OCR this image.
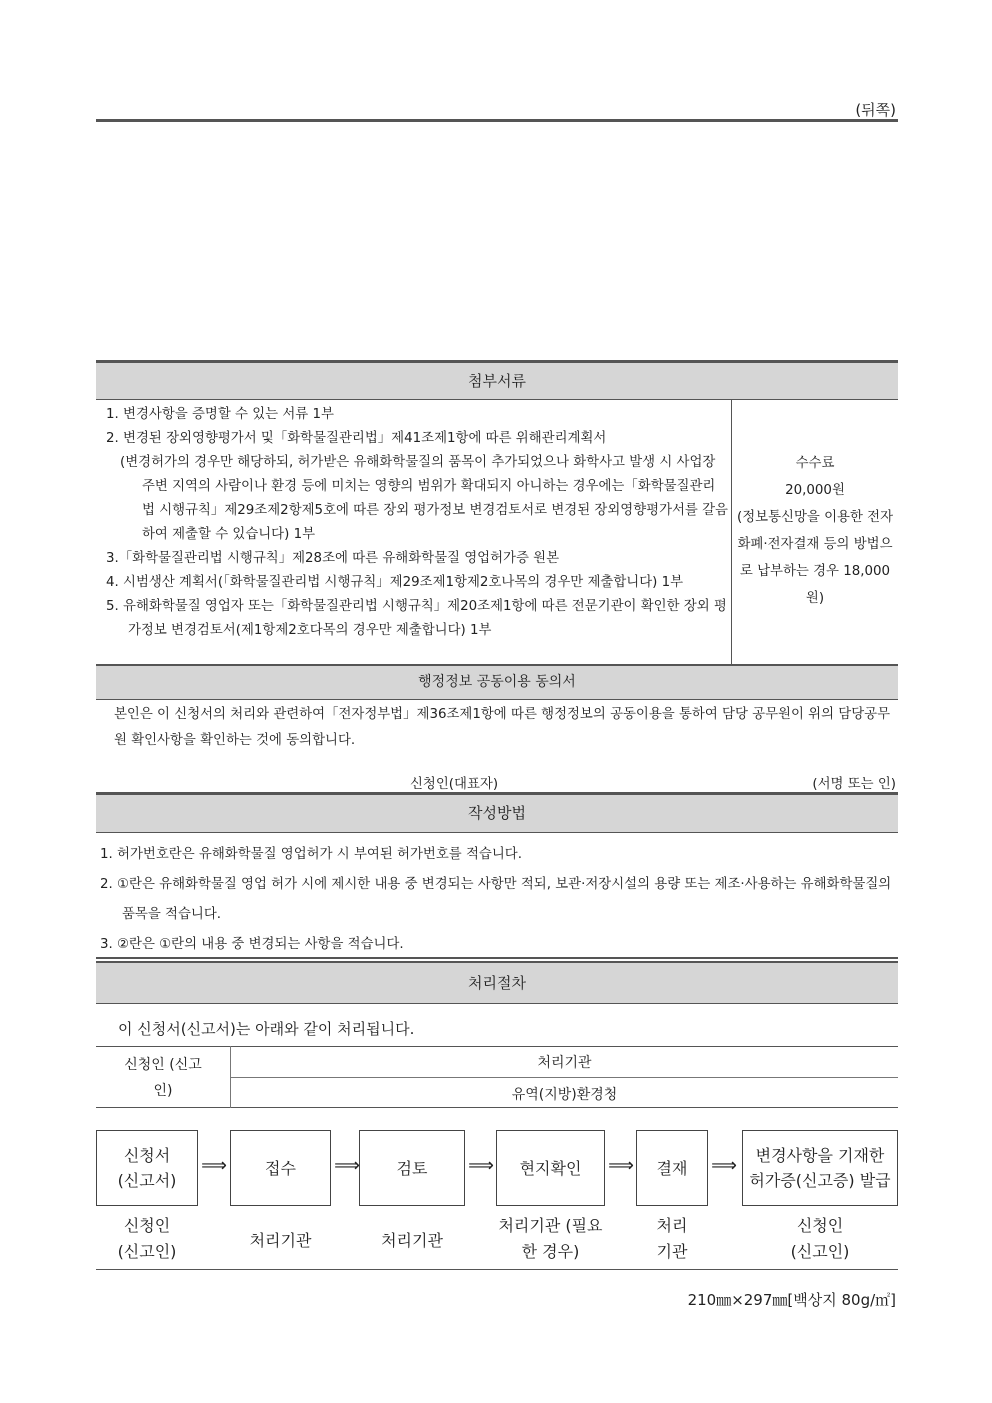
(뒤쪽)
첨부서류

1. 변경사항을 증명할 수 있는 서류 1부

2. 변경된 장외영향평가서 및「화학물질관리법」제41조제1항에 따른 위해관리계획서

(변경허가의 경우만 해당하되, 허가받은 유해화학물질의 품목이 추가되었으나 화학사고 발생 시 사업장 주변 지역의 사람이나 환경 등에 미치는 영향의 범위가 확대되지 아니하는 경우에는「화학물질관리법 시행규칙」제29조제2항제5호에 따른 장외 평가정보 변경검토서로 변경된 장외영향평가서를 갈음하여 제출할 수 있습니다) 1부

3.「화학물질관리법 시행규칙」제28조에 따른 유해화학물질 영업허가증 원본

4. 시범생산 계획서(「화학물질관리법 시행규칙」제29조제1항제2호나목의 경우만 제출합니다) 1부

5. 유해화학물질 영업자 또는「화학물질관리법 시행규칙」제20조제1항에 따른 전문기관이 확인한 장외 평가정보 변경검토서(제1항제2호다목의 경우만 제출합니다) 1부

수수료
20,000원
(정보통신망을 이용한 전자화폐·전자결재 등의 방법으로 납부하는 경우 18,000원)
행정정보 공동이용 동의서
본인은 이 신청서의 처리와 관련하여「전자정부법」제36조제1항에 따른 행정정보의 공동이용을 통하여 담당 공무원이 위의 담당공무원 확인사항을 확인하는 것에 동의합니다.
신청인(대표자)	(서명 또는 인)
작성방법

1. 허가번호란은 유해화학물질 영업허가 시 부여된 허가번호를 적습니다.

2. ①란은 유해화학물질 영업 허가 시에 제시한 내용 중 변경되는 사항만 적되, 보관·저장시설의 용량 또는 제조·사용하는 유해화학물질의 품목을 적습니다.

3. ②란은 ①란의 내용 중 변경되는 사항을 적습니다.

처리절차
이 신청서(신고서)는 아래와 같이 처리됩니다.
신청인 (신고인)
처리기관
유역(지방)환경청
신청서 (신고서)
⟹ 접수 ⟹ 검토 ⟹ 현지확인 ⟹ 결재 ⟹	변경사항을 기재한 허가증(신고증) 발급
신청인 (신고인)
처리기관	처리기관
처리기관 (필요한 경우)
처리 기관
신청인 (신고인)
210㎜×297㎜[백상지 80g/㎡]
